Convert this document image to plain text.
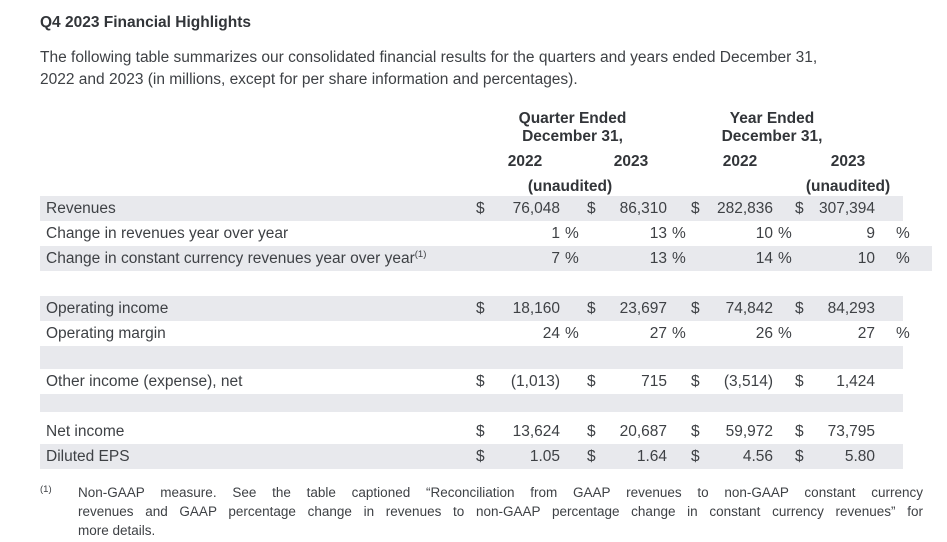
Q4 2023 Financial Highlights
The following table summarizes our consolidated financial results for the quarters and years ended December 31,
2022 and 2023 (in millions, except for per share information and percentages).
Quarter Ended
December 31,
Year Ended
December 31,
2022	2023	2022	2023
(unaudited)	(unaudited)
Revenues	$	76,048	$	86,310	$	282,836 $ 307,394
Change in revenues year over year	1 %	13 %	10 %	9	%
Change in constant currency revenues year over year$^{(1)}$	7 %	13 %	14 %	10	%
Operating income	$	18,160	$	23,697	$	74,842 $	84,293
Operating margin	24 %	27 %	26 %	27	%
Other income (expense), net	$	(1,013)	$	715	$	(3,514) $	1,424
Net income	$	13,624	$	20,687	$	59,972 $	73,795
Diluted EPS	$	1.05	$	1.64	$	4.56 $	5.80
(1)	Non-GAAP measure. See the table captioned “Reconciliation from GAAP revenues to non-GAAP constant currency
revenues and GAAP percentage change in revenues to non-GAAP percentage change in constant currency revenues” for
more details.
